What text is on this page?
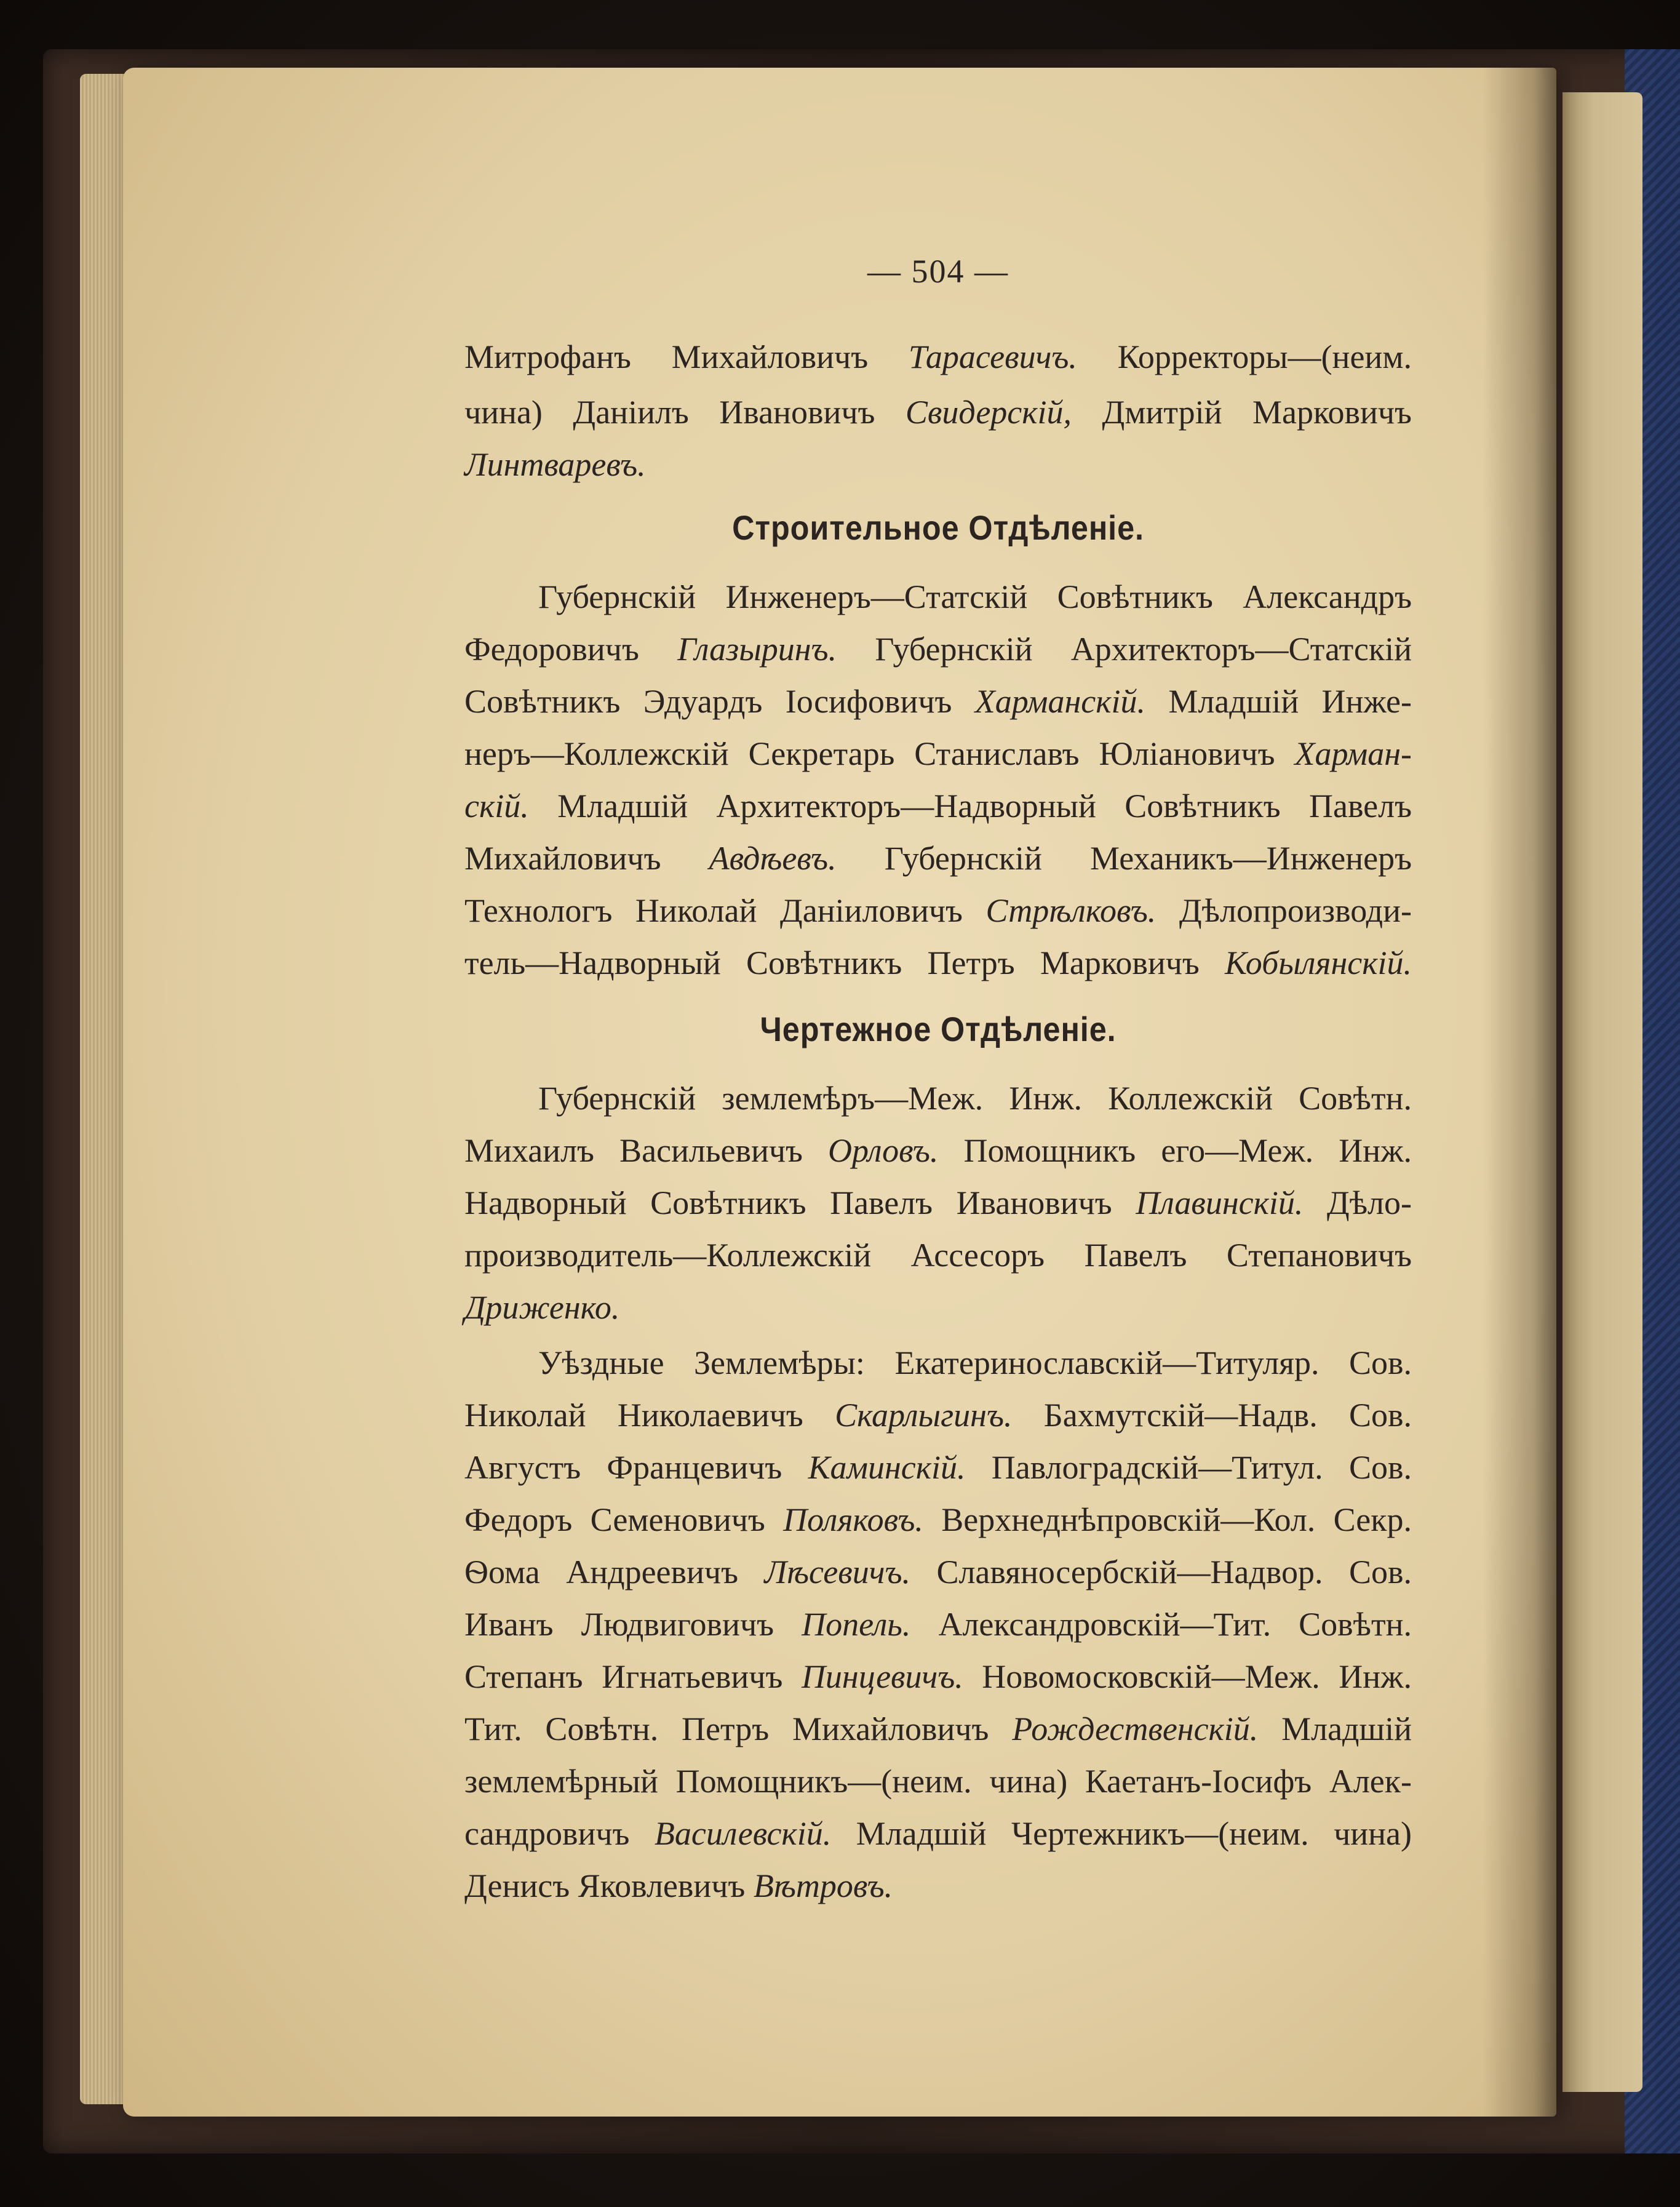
— 504 —
Митрофанъ Михайловичъ Тарасевичъ. Корректоры—(неим.
чина) Даніилъ Ивановичъ Свидерскій, Дмитрій Марковичъ
Линтваревъ.
Строительное Отдѣленіе.
Губернскій Инженеръ—Статскій Совѣтникъ Александръ
Федоровичъ Глазыринъ. Губернскій Архитекторъ—Статскій
Совѣтникъ Эдуардъ Іосифовичъ Харманскій. Младшій Инже-
неръ—Коллежскій Секретарь Станиславъ Юліановичъ Харман-
скій. Младшій Архитекторъ—Надворный Совѣтникъ Павелъ
Михайловичъ Авдѣевъ. Губернскій Механикъ—Инженеръ
Технологъ Николай Даніиловичъ Стрѣлковъ. Дѣлопроизводи-
тель—Надворный Совѣтникъ Петръ Марковичъ Кобылянскій.
Чертежное Отдѣленіе.
Губернскій землемѣръ—Меж. Инж. Коллежскій Совѣтн.
Михаилъ Васильевичъ Орловъ. Помощникъ его—Меж. Инж.
Надворный Совѣтникъ Павелъ Ивановичъ Плавинскій. Дѣло-
производитель—Коллежскій Ассесоръ Павелъ Степановичъ
Дриженко.
Уѣздные Землемѣры: Екатеринославскій—Титуляр. Сов.
Николай Николаевичъ Скарлыгинъ. Бахмутскій—Надв. Сов.
Августъ Францевичъ Каминскій. Павлоградскій—Титул. Сов.
Федоръ Семеновичъ Поляковъ. Верхнеднѣпровскій—Кол. Секр.
Ѳома Андреевичъ Лѣсевичъ. Славяносербскій—Надвор. Сов.
Иванъ Людвиговичъ Попель. Александровскій—Тит. Совѣтн.
Степанъ Игнатьевичъ Пинцевичъ. Новомосковскій—Меж. Инж.
Тит. Совѣтн. Петръ Михайловичъ Рождественскій. Младшій
землемѣрный Помощникъ—(неим. чина) Каетанъ-Іосифъ Алек-
сандровичъ Василевскій. Младшій Чертежникъ—(неим. чина)
Денисъ Яковлевичъ Вѣтровъ.
